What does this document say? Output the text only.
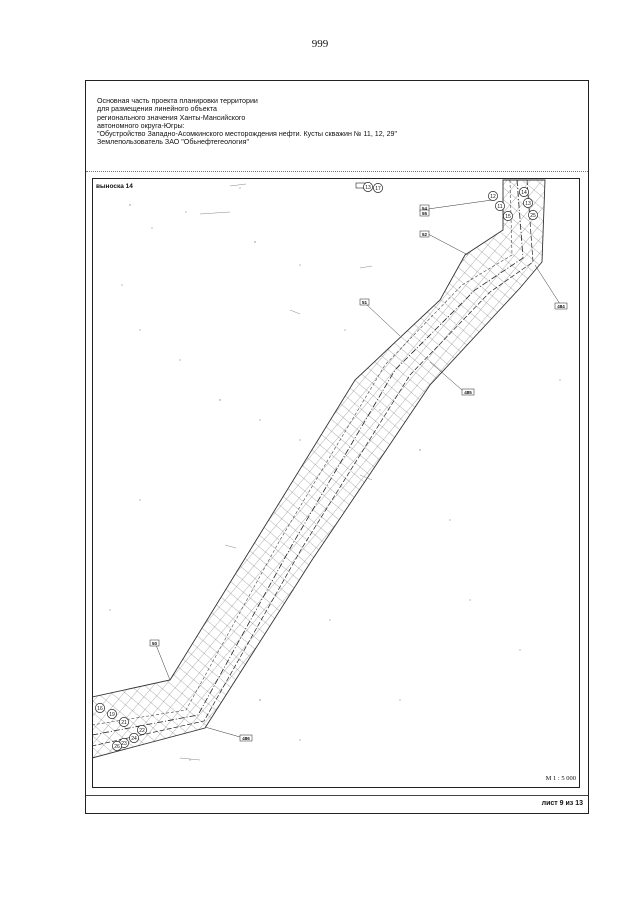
999
Основная часть проекта планировки территории
для размещения линейного объекта
регионального значения Ханты-Мансийского
автономного округа-Югры:
"Обустройство Западно-Асомкинского месторождения нефти. Кусты скважин № 11, 12, 29"
Землепользователь ЗАО "Обьнефтегеология"
выноска 14	13 17
12
11
15
14
13
25
16
19
21
22
24
23
26
54
55
52
51
484
485
50
486
М 1 : 5 000
лист 9 из 13
